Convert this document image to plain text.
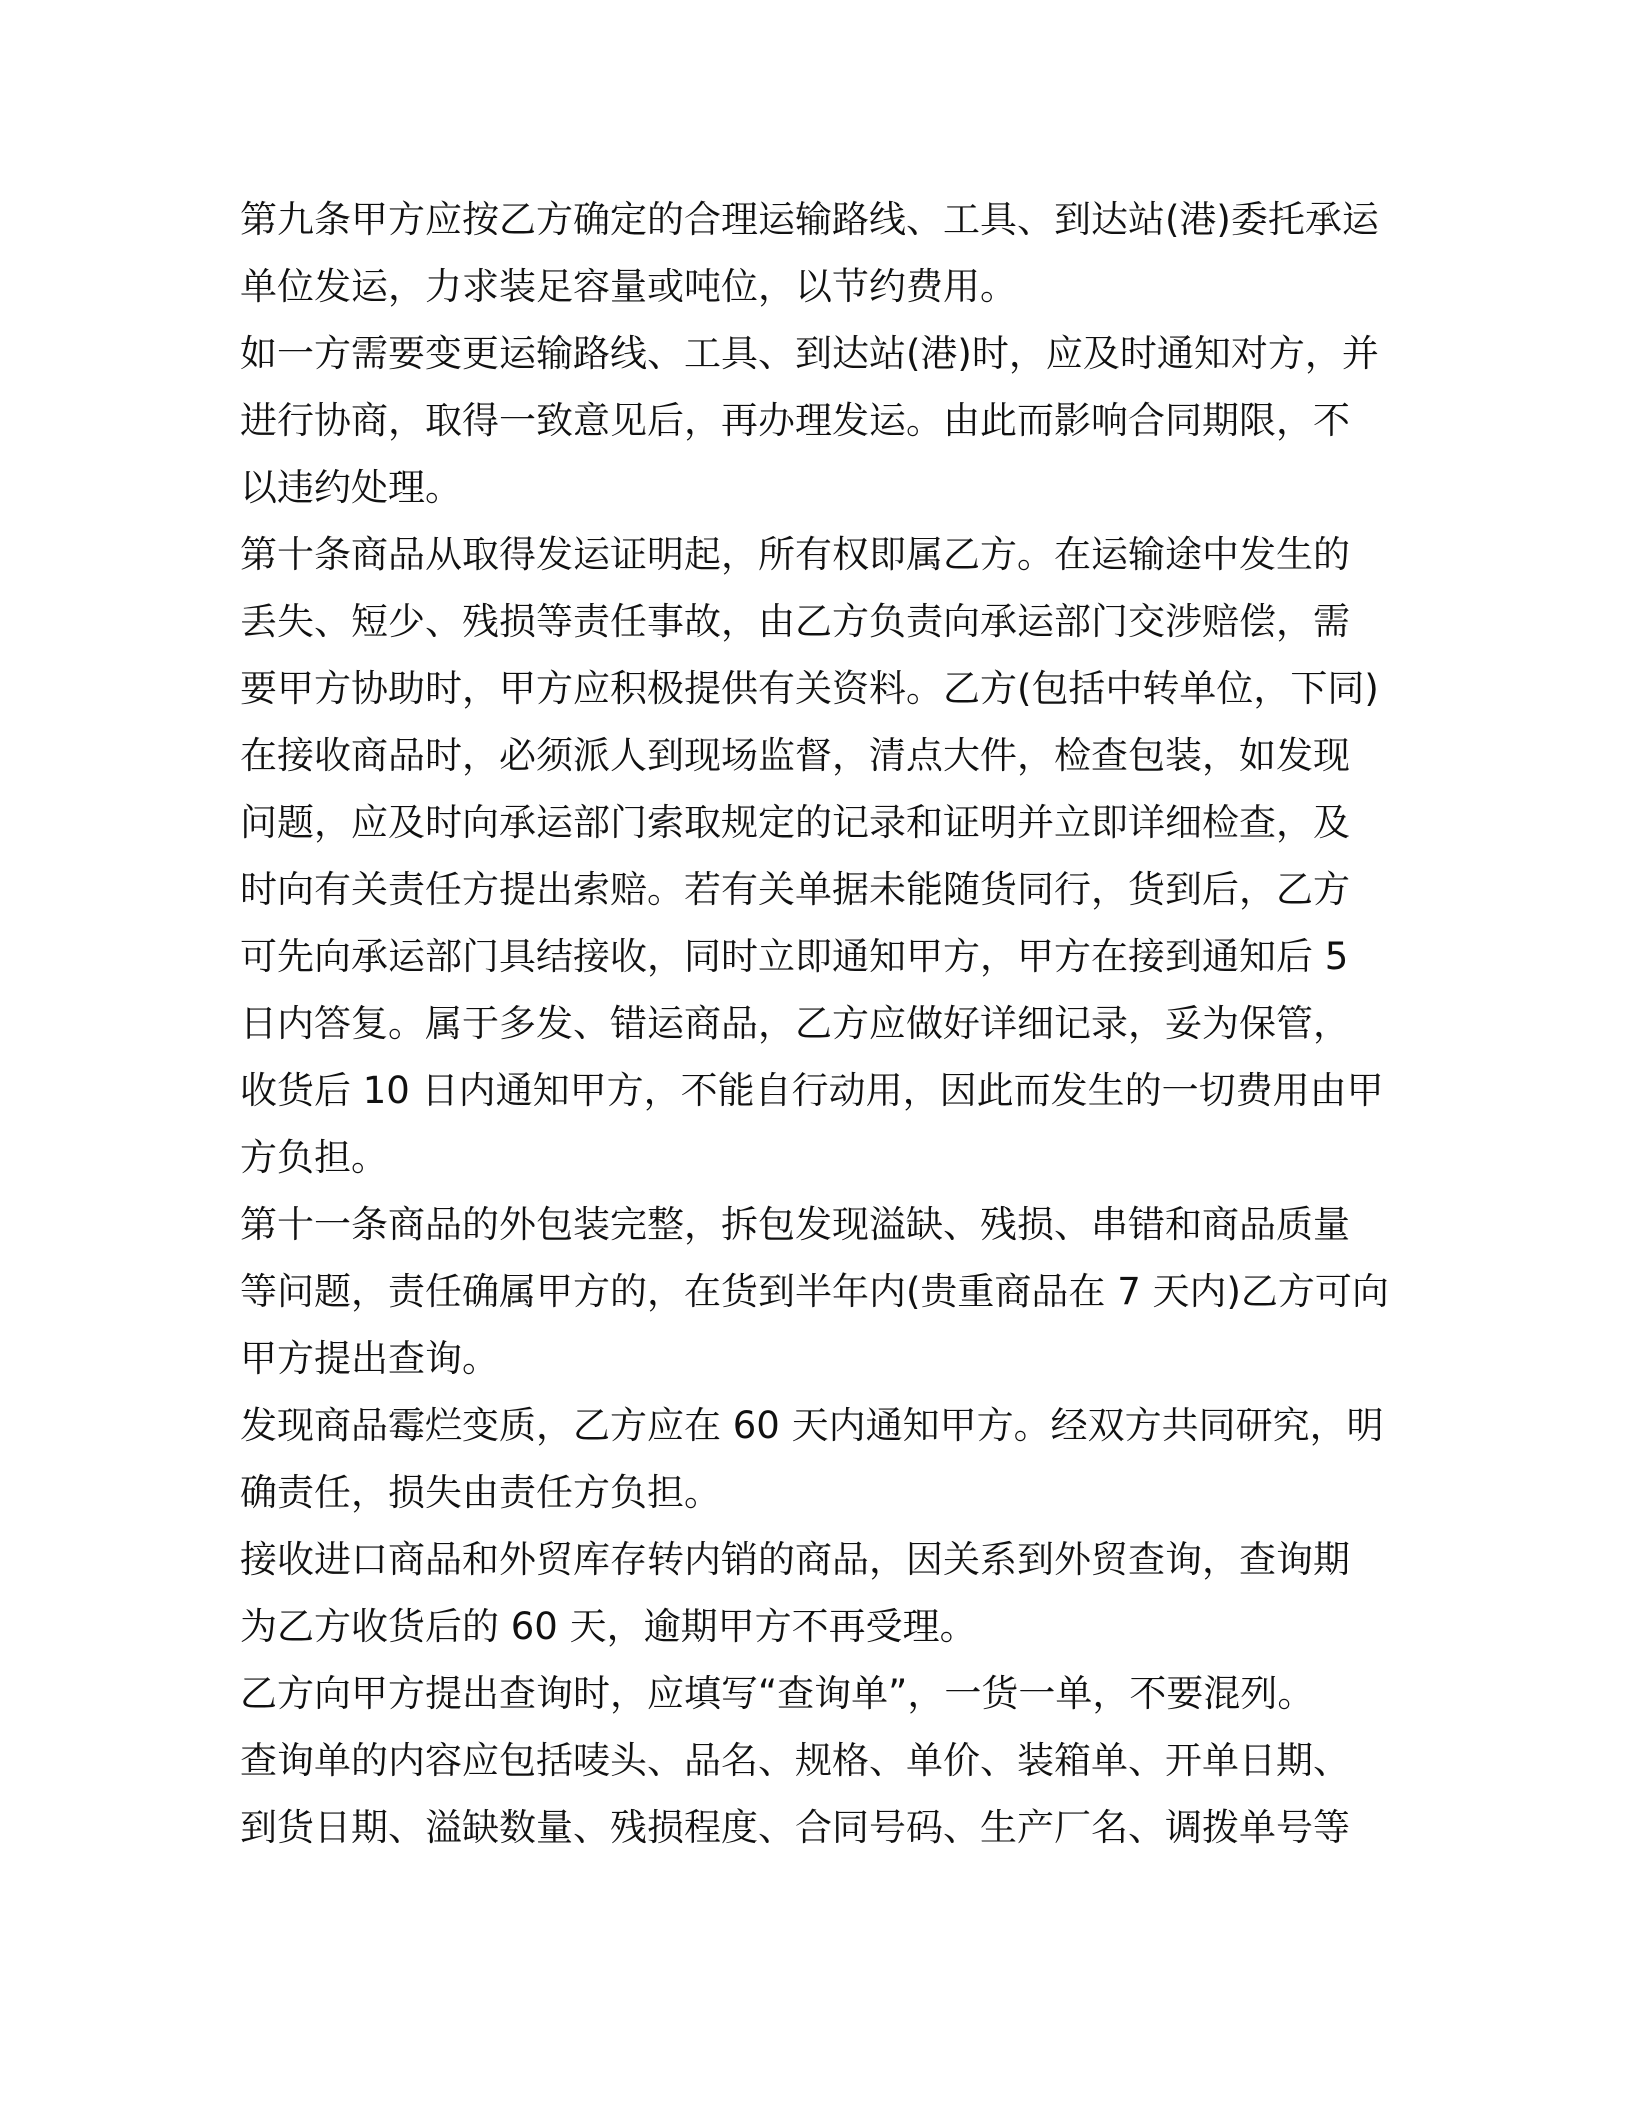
第九条甲方应按乙方确定的合理运输路线、工具、到达站(港)委托承运
单位发运，力求装足容量或吨位，以节约费用。
如一方需要变更运输路线、工具、到达站(港)时，应及时通知对方，并
进行协商，取得一致意见后，再办理发运。由此而影响合同期限，不
以违约处理。
第十条商品从取得发运证明起，所有权即属乙方。在运输途中发生的
丢失、短少、残损等责任事故，由乙方负责向承运部门交涉赔偿，需
要甲方协助时，甲方应积极提供有关资料。乙方(包括中转单位，下同)
在接收商品时，必须派人到现场监督，清点大件，检查包装，如发现
问题，应及时向承运部门索取规定的记录和证明并立即详细检查，及
时向有关责任方提出索赔。若有关单据未能随货同行，货到后，乙方
可先向承运部门具结接收，同时立即通知甲方，甲方在接到通知后 5
日内答复。属于多发、错运商品，乙方应做好详细记录，妥为保管，
收货后 10 日内通知甲方，不能自行动用，因此而发生的一切费用由甲
方负担。
第十一条商品的外包装完整，拆包发现溢缺、残损、串错和商品质量
等问题，责任确属甲方的，在货到半年内(贵重商品在 7 天内)乙方可向
甲方提出查询。
发现商品霉烂变质，乙方应在 60 天内通知甲方。经双方共同研究，明
确责任，损失由责任方负担。
接收进口商品和外贸库存转内销的商品，因关系到外贸查询，查询期
为乙方收货后的 60 天，逾期甲方不再受理。
乙方向甲方提出查询时，应填写“查询单”，一货一单，不要混列。
查询单的内容应包括唛头、品名、规格、单价、装箱单、开单日期、
到货日期、溢缺数量、残损程度、合同号码、生产厂名、调拨单号等
